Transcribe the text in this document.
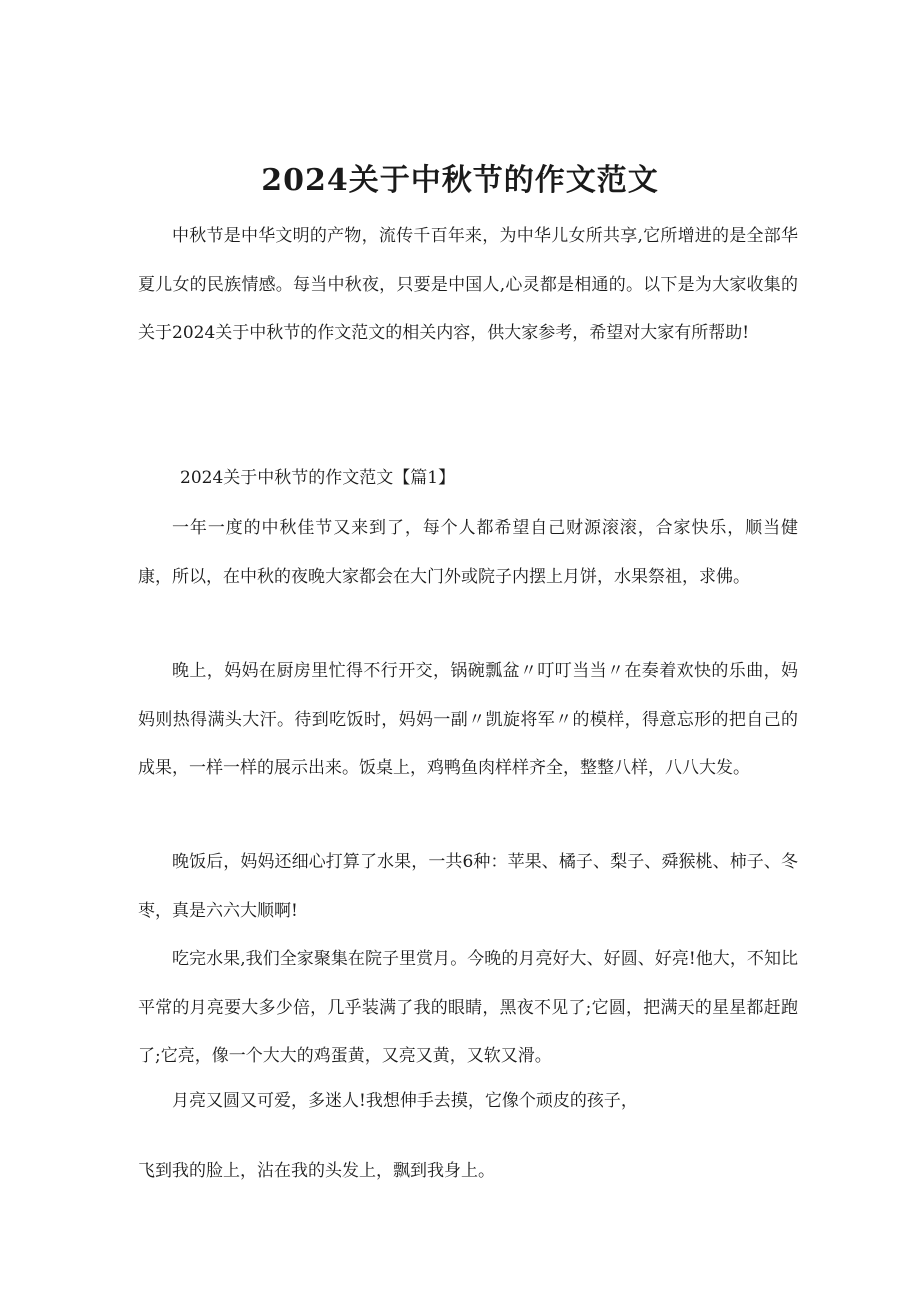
2024关于中秋节的作文范文

中秋节是中华文明的产物，流传千百年来，为中华儿女所共享,它所增进的是全部华夏儿女的民族情感。每当中秋夜，只要是中国人,心灵都是相通的。以下是为大家收集的关于2024关于中秋节的作文范文的相关内容，供大家参考，希望对大家有所帮助!

2024关于中秋节的作文范文【篇1】

一年一度的中秋佳节又来到了，每个人都希望自己财源滚滚，合家快乐，顺当健康，所以，在中秋的夜晚大家都会在大门外或院子内摆上月饼，水果祭祖，求佛。

晚上，妈妈在厨房里忙得不行开交，锅碗瓢盆〃叮叮当当〃在奏着欢快的乐曲，妈妈则热得满头大汗。待到吃饭时，妈妈一副〃凯旋将军〃的模样，得意忘形的把自己的成果，一样一样的展示出来。饭桌上，鸡鸭鱼肉样样齐全，整整八样，八八大发。

晚饭后，妈妈还细心打算了水果，一共6种：苹果、橘子、梨子、舜猴桃、柿子、冬枣，真是六六大顺啊!

吃完水果,我们全家聚集在院子里赏月。今晚的月亮好大、好圆、好亮!他大，不知比平常的月亮要大多少倍，几乎装满了我的眼睛，黑夜不见了;它圆，把满天的星星都赶跑了;它亮，像一个大大的鸡蛋黄，又亮又黄，又软又滑。

月亮又圆又可爱，多迷人!我想伸手去摸，它像个顽皮的孩子，

飞到我的脸上，沾在我的头发上，飘到我身上。
